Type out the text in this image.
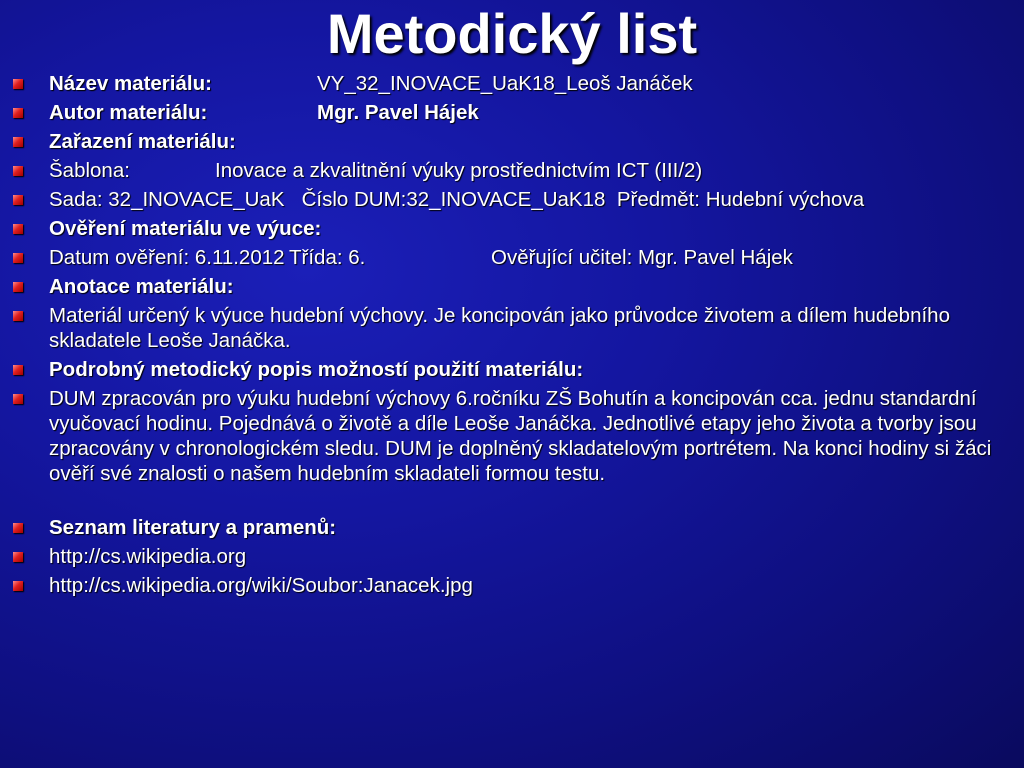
Metodický list
Název materiálu:	VY_32_INOVACE_UaK18_Leoš Janáček
Autor materiálu:	Mgr. Pavel Hájek
Zařazení materiálu:
Šablona:	Inovace a zkvalitnění výuky prostřednictvím ICT (III/2)
Sada: 32_INOVACE_UaK Číslo DUM:32_INOVACE_UaK18 Předmět: Hudební výchova
Ověření materiálu ve výuce:
Datum ověření: 6.11.2012 Třída: 6.	Ověřující učitel: Mgr. Pavel Hájek
Anotace materiálu:
Materiál určený k výuce hudební výchovy. Je koncipován jako průvodce životem a dílem hudebního skladatele Leoše Janáčka.
Podrobný metodický popis možností použití materiálu:
DUM zpracován pro výuku hudební výchovy 6.ročníku ZŠ Bohutín a koncipován cca. jednu standardní vyučovací hodinu. Pojednává o životě a díle Leoše Janáčka. Jednotlivé etapy jeho života a tvorby jsou zpracovány v chronologickém sledu. DUM je doplněný skladatelovým portrétem. Na konci hodiny si žáci ověří své znalosti o našem hudebním skladateli formou testu.
Seznam literatury a pramenů:
http://cs.wikipedia.org
http://cs.wikipedia.org/wiki/Soubor:Janacek.jpg
